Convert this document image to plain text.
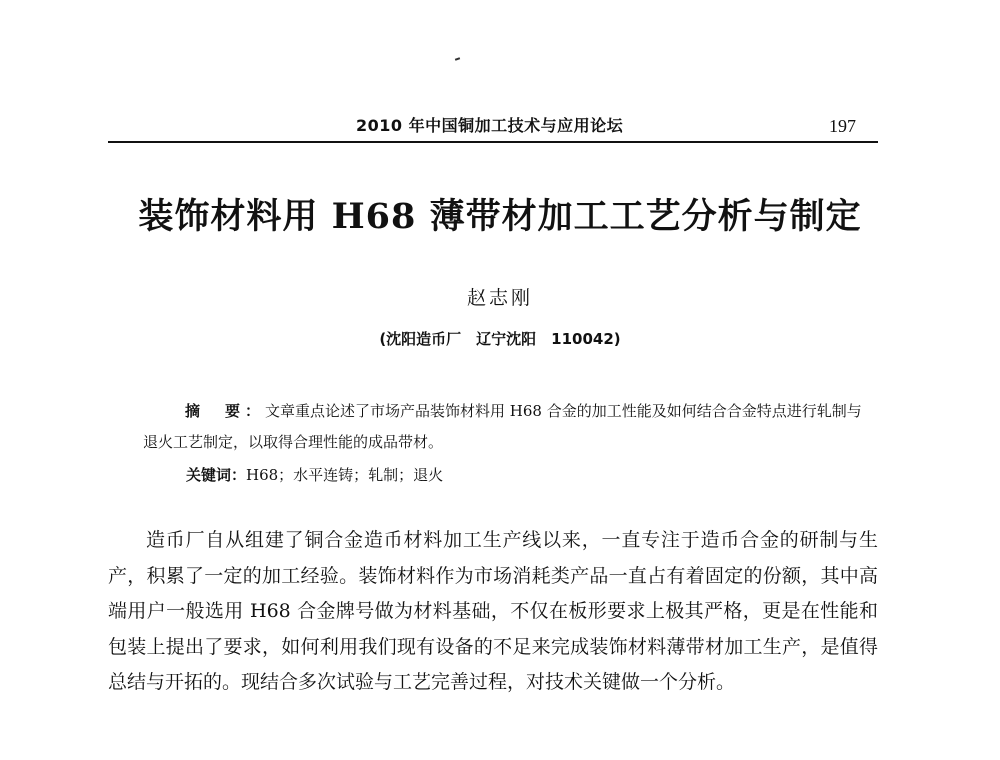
2010 年中国铜加工技术与应用论坛	197
装饰材料用 H68 薄带材加工工艺分析与制定
赵志刚
(沈阳造币厂　辽宁沈阳　110042)
摘　要：文章重点论述了市场产品装饰材料用 H68 合金的加工性能及如何结合合金特点进行轧制与退火工艺制定，以取得合理性能的成品带材。
关键词：H68；水平连铸；轧制；退火

造币厂自从组建了铜合金造币材料加工生产线以来，一直专注于造币合金的研制与生产，积累了一定的加工经验。装饰材料作为市场消耗类产品一直占有着固定的份额，其中高端用户一般选用 H68 合金牌号做为材料基础，不仅在板形要求上极其严格，更是在性能和包装上提出了要求，如何利用我们现有设备的不足来完成装饰材料薄带材加工生产，是值得总结与开拓的。现结合多次试验与工艺完善过程，对技术关键做一个分析。
